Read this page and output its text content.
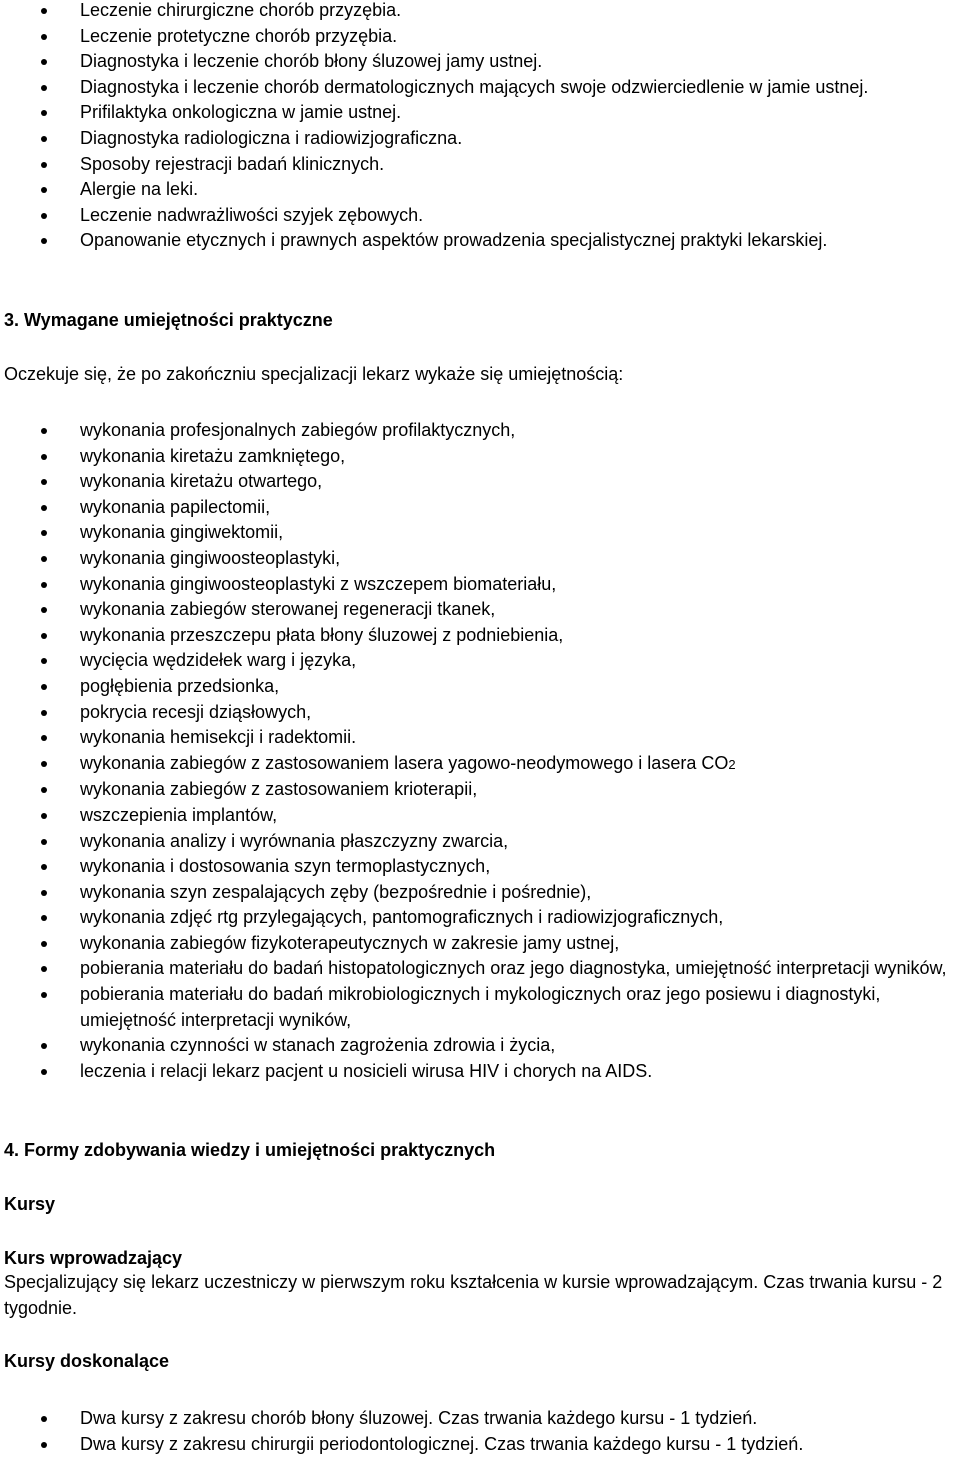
Leczenie chirurgiczne chorób przyzębia.
Leczenie protetyczne chorób przyzębia.
Diagnostyka i leczenie chorób błony śluzowej jamy ustnej.
Diagnostyka i leczenie chorób dermatologicznych mających swoje odzwierciedlenie w jamie ustnej.
Prifilaktyka onkologiczna w jamie ustnej.
Diagnostyka radiologiczna i radiowizjograficzna.
Sposoby rejestracji badań klinicznych.
Alergie na leki.
Leczenie nadwrażliwości szyjek zębowych.
Opanowanie etycznych i prawnych aspektów prowadzenia specjalistycznej praktyki lekarskiej.
3. Wymagane umiejętności praktyczne

Oczekuje się, że po zakończniu specjalizacji lekarz wykaże się umiejętnością:

wykonania profesjonalnych zabiegów profilaktycznych,
wykonania kiretażu zamkniętego,
wykonania kiretażu otwartego,
wykonania papilectomii,
wykonania gingiwektomii,
wykonania gingiwoosteoplastyki,
wykonania gingiwoosteoplastyki z wszczepem biomateriału,
wykonania zabiegów sterowanej regeneracji tkanek,
wykonania przeszczepu płata błony śluzowej z podniebienia,
wycięcia wędzidełek warg i języka,
pogłębienia przedsionka,
pokrycia recesji dziąsłowych,
wykonania hemisekcji i radektomii.
wykonania zabiegów z zastosowaniem lasera yagowo-neodymowego i lasera CO2
wykonania zabiegów z zastosowaniem krioterapii,
wszczepienia implantów,
wykonania analizy i wyrównania płaszczyzny zwarcia,
wykonania i dostosowania szyn termoplastycznych,
wykonania szyn zespalających zęby (bezpośrednie i pośrednie),
wykonania zdjęć rtg przylegających, pantomograficznych i radiowizjograficznych,
wykonania zabiegów fizykoterapeutycznych w zakresie jamy ustnej,
pobierania materiału do badań histopatologicznych oraz jego diagnostyka, umiejętność interpretacji wyników,
pobierania materiału do badań mikrobiologicznych i mykologicznych oraz jego posiewu i diagnostyki, umiejętność interpretacji wyników,
wykonania czynności w stanach zagrożenia zdrowia i życia,
leczenia i relacji lekarz pacjent u nosicieli wirusa HIV i chorych na AIDS.
4. Formy zdobywania wiedzy i umiejętności praktycznych
Kursy
Kurs wprowadzający

Specjalizujący się lekarz uczestniczy w pierwszym roku kształcenia w kursie wprowadzającym. Czas trwania kursu - 2 tygodnie.

Kursy doskonalące
Dwa kursy z zakresu chorób błony śluzowej. Czas trwania każdego kursu - 1 tydzień.
Dwa kursy z zakresu chirurgii periodontologicznej. Czas trwania każdego kursu - 1 tydzień.
